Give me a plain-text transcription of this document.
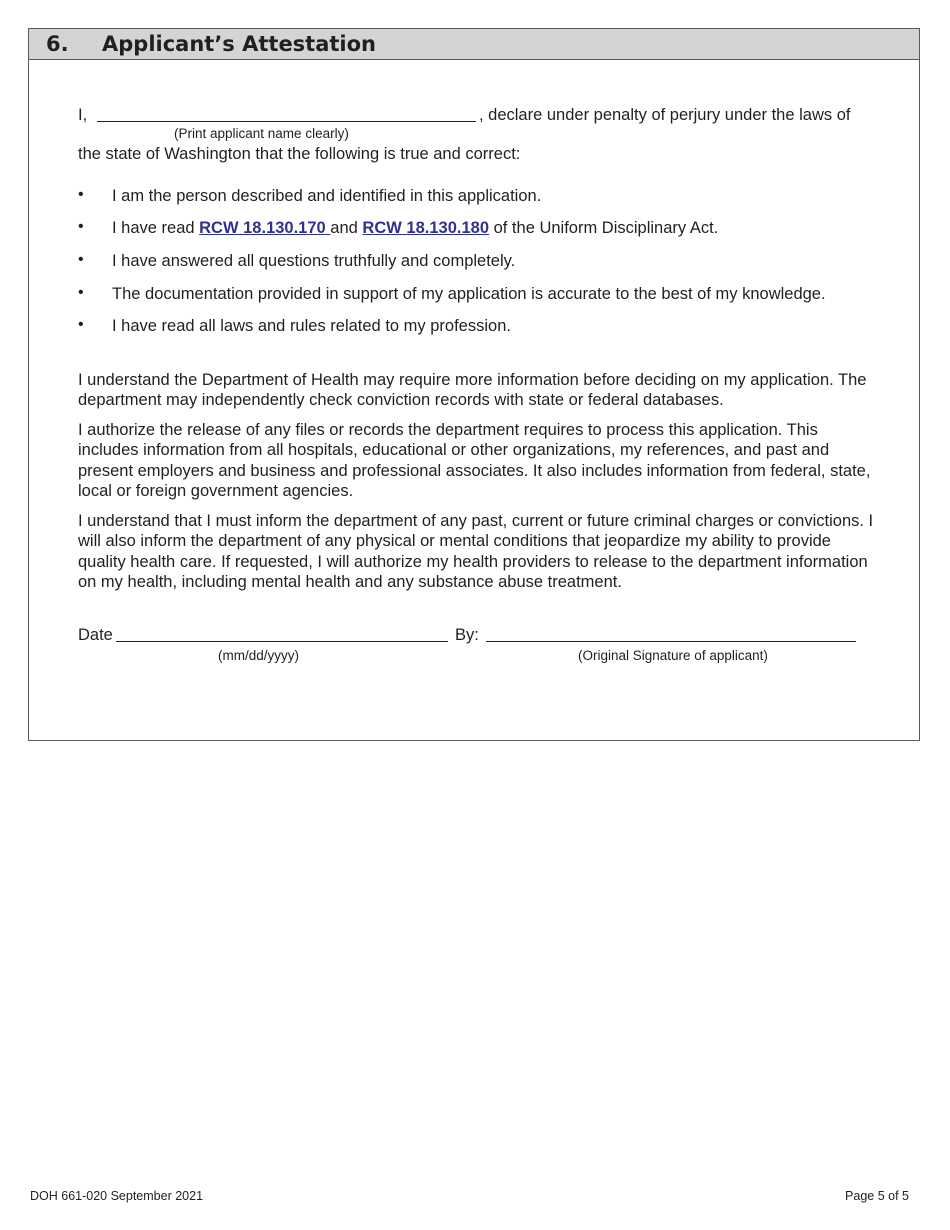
6. Applicant’s Attestation
I,	, declare under penalty of perjury under the laws of
(Print applicant name clearly)
the state of Washington that the following is true and correct:
• I am the person described and identified in this application.
• I have read RCW 18.130.170 and RCW 18.130.180 of the Uniform Disciplinary Act.
• I have answered all questions truthfully and completely.
• The documentation provided in support of my application is accurate to the best of my knowledge.
• I have read all laws and rules related to my profession.
I understand the Department of Health may require more information before deciding on my application. The department may independently check conviction records with state or federal databases.
I authorize the release of any files or records the department requires to process this application. This includes information from all hospitals, educational or other organizations, my references, and past and present employers and business and professional associates. It also includes information from federal, state, local or foreign government agencies.
I understand that I must inform the department of any past, current or future criminal charges or convictions. I will also inform the department of any physical or mental conditions that jeopardize my ability to provide quality health care. If requested, I will authorize my health providers to release to the department information on my health, including mental health and any substance abuse treatment.
Date
(mm/dd/yyyy)
By:
(Original Signature of applicant)
DOH 661-020 September 2021	Page 5 of 5
